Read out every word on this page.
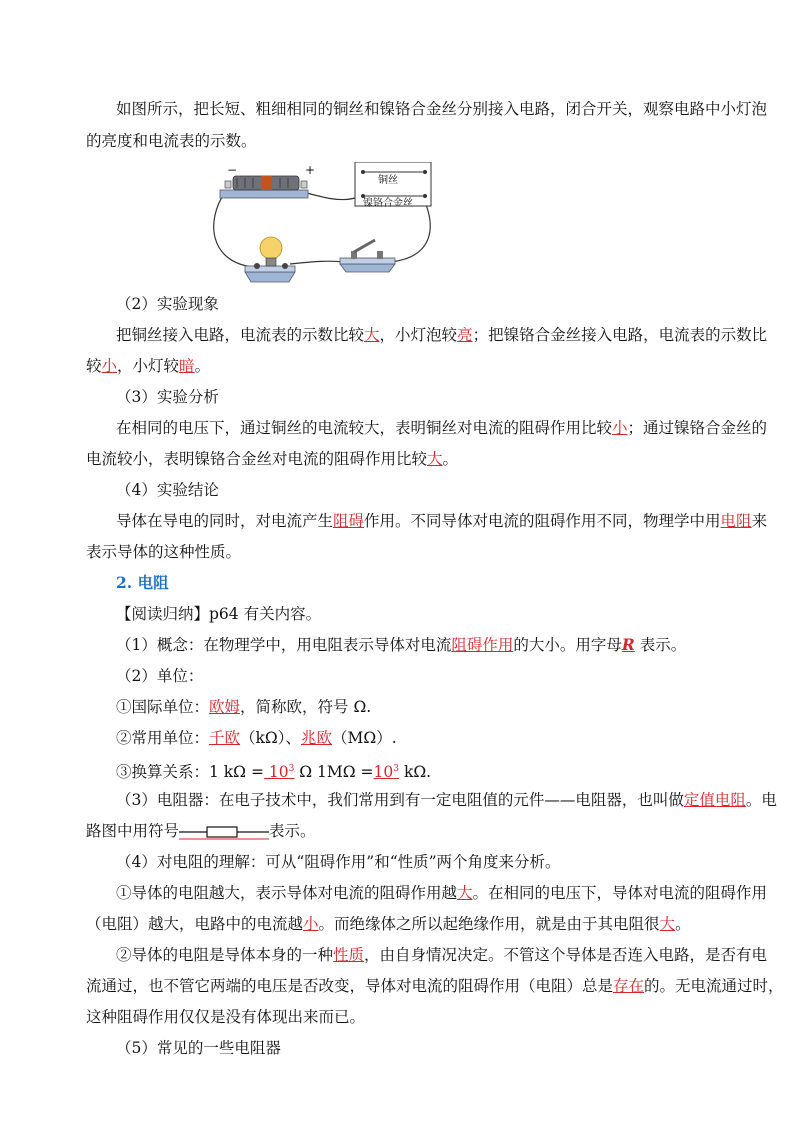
如图所示，把长短、粗细相同的铜丝和镍铬合金丝分别接入电路，闭合开关，观察电路中小灯泡
的亮度和电流表的示数。
−	+
铜丝
镍铬合金丝
（2）实验现象
把铜丝接入电路，电流表的示数比较大，小灯泡较亮；把镍铬合金丝接入电路，电流表的示数比
较小，小灯较暗。
（3）实验分析
在相同的电压下，通过铜丝的电流较大，表明铜丝对电流的阻碍作用比较小；通过镍铬合金丝的
电流较小，表明镍铬合金丝对电流的阻碍作用比较大。
（4）实验结论
导体在导电的同时，对电流产生阻碍作用。不同导体对电流的阻碍作用不同，物理学中用电阻来
表示导体的这种性质。
2. 电阻
【阅读归纳】p64 有关内容。
（1）概念：在物理学中，用电阻表示导体对电流阻碍作用的大小。用字母R 表示。
（2）单位：
①国际单位：欧姆，简称欧，符号 Ω.
②常用单位：千欧（kΩ）、兆欧（MΩ）.
③换算关系：1 $k\Omega = 10^3$ Ω $1M\Omega =10^3$ kΩ.
（3）电阻器：在电子技术中，我们常用到有一定电阻值的元件——电阻器，也叫做定值电阻。电
路图中用符号	表示。
（4）对电阻的理解：可从“阻碍作用”和“性质”两个角度来分析。
①导体的电阻越大，表示导体对电流的阻碍作用越大。在相同的电压下，导体对电流的阻碍作用
（电阻）越大，电路中的电流越小。而绝缘体之所以起绝缘作用，就是由于其电阻很大。
②导体的电阻是导体本身的一种性质，由自身情况决定。不管这个导体是否连入电路，是否有电
流通过，也不管它两端的电压是否改变，导体对电流的阻碍作用（电阻）总是存在的。无电流通过时，
这种阻碍作用仅仅是没有体现出来而已。
（5）常见的一些电阻器
